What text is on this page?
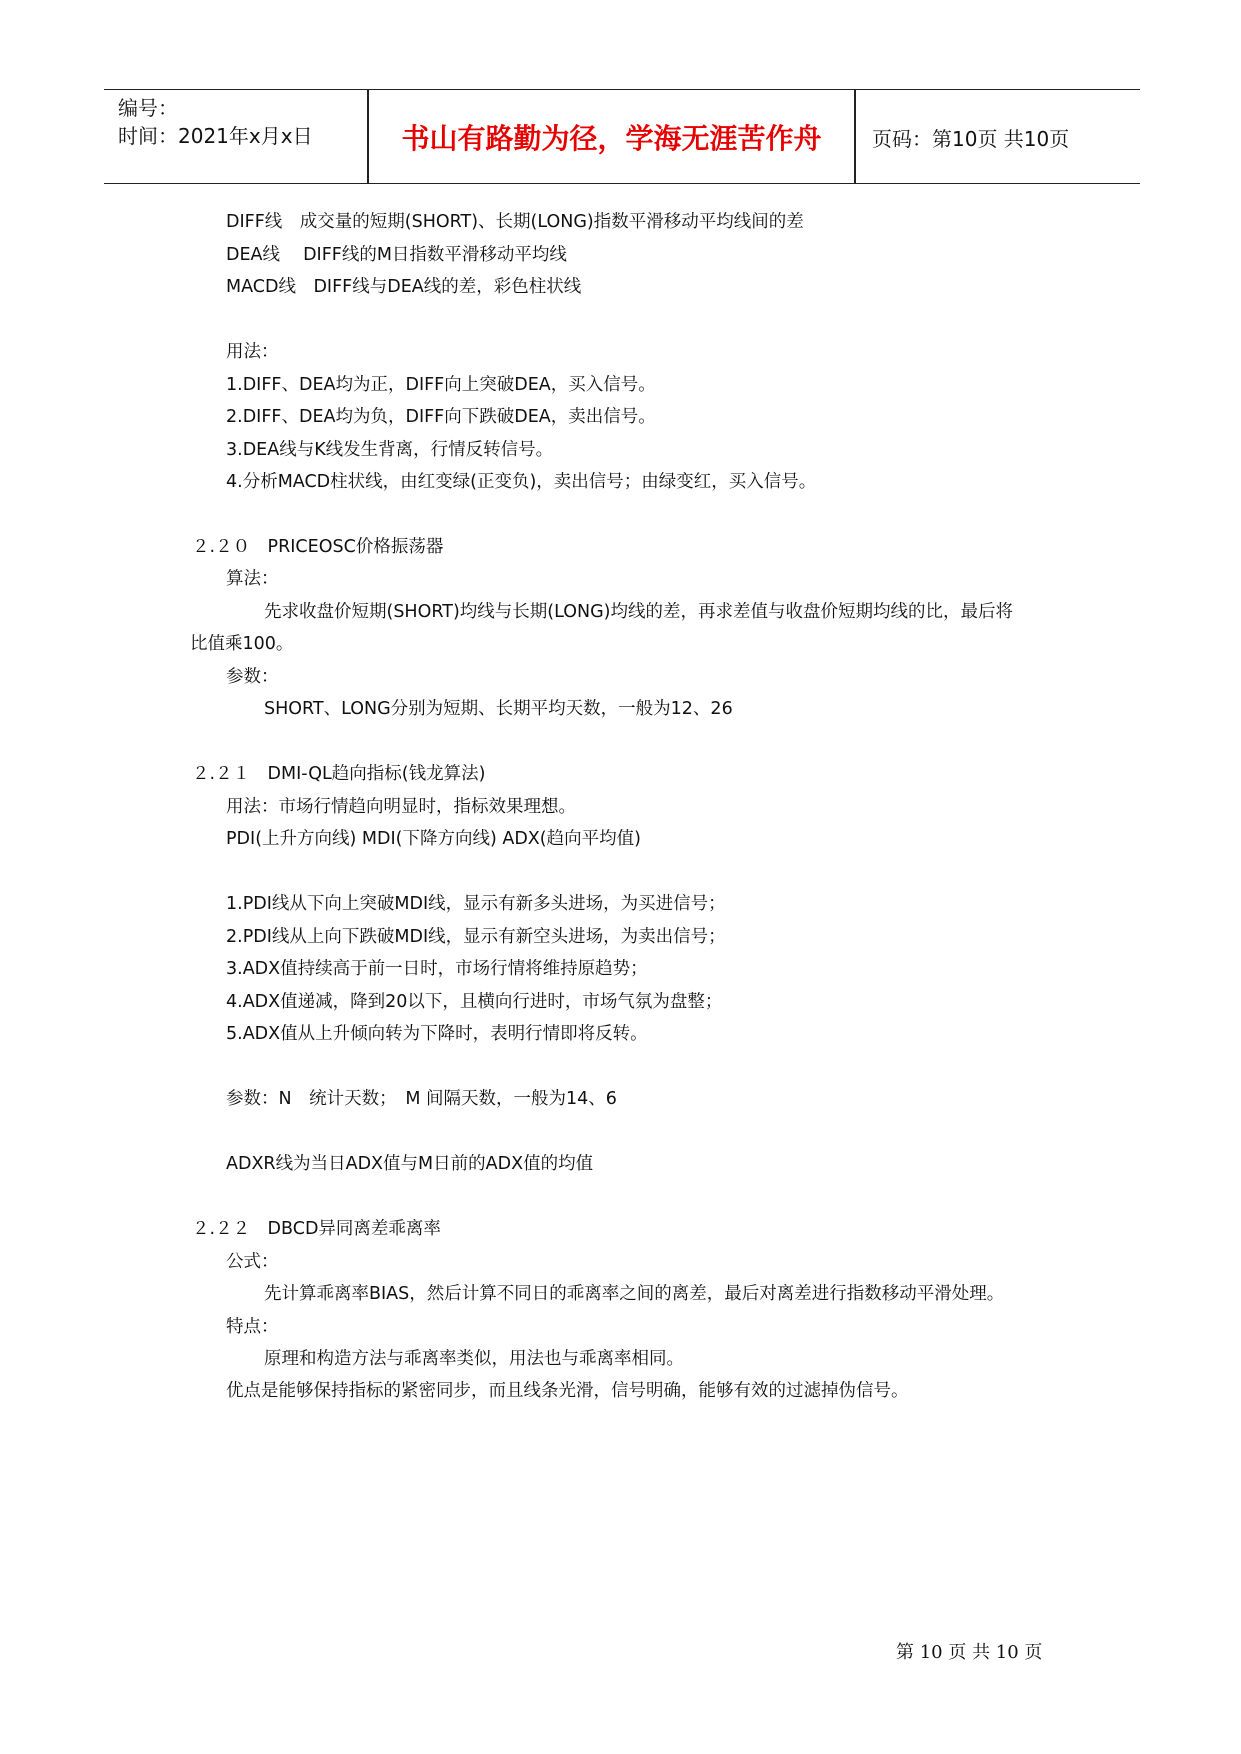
编号：
时间：2021年x月x日	书山有路勤为径，学海无涯苦作舟	页码：第10页 共10页
DIFF线　成交量的短期(SHORT)、长期(LONG)指数平滑移动平均线间的差
DEA线　 DIFF线的M日指数平滑移动平均线
MACD线　DIFF线与DEA线的差，彩色柱状线
用法：
1.DIFF、DEA均为正，DIFF向上突破DEA，买入信号。
2.DIFF、DEA均为负，DIFF向下跌破DEA，卖出信号。
3.DEA线与K线发生背离，行情反转信号。
4.分析MACD柱状线，由红变绿(正变负)，卖出信号；由绿变红，买入信号。
２.２０　PRICEOSC价格振荡器
算法：
先求收盘价短期(SHORT)均线与长期(LONG)均线的差，再求差值与收盘价短期均线的比，最后将
比值乘100。
参数：
SHORT、LONG分别为短期、长期平均天数，一般为12、26
２.２１　DMI-QL趋向指标(钱龙算法)
用法：市场行情趋向明显时，指标效果理想。
PDI(上升方向线) MDI(下降方向线) ADX(趋向平均值)
1.PDI线从下向上突破MDI线，显示有新多头进场，为买进信号；
2.PDI线从上向下跌破MDI线，显示有新空头进场，为卖出信号；
3.ADX值持续高于前一日时，市场行情将维持原趋势；
4.ADX值递减，降到20以下，且横向行进时，市场气氛为盘整；
5.ADX值从上升倾向转为下降时，表明行情即将反转。
参数：N　统计天数；　M 间隔天数，一般为14、6
ADXR线为当日ADX值与M日前的ADX值的均值
２.２２　DBCD异同离差乖离率
公式：
先计算乖离率BIAS，然后计算不同日的乖离率之间的离差，最后对离差进行指数移动平滑处理。
特点：
原理和构造方法与乖离率类似，用法也与乖离率相同。
优点是能够保持指标的紧密同步，而且线条光滑，信号明确，能够有效的过滤掉伪信号。
第 10 页 共 10 页
